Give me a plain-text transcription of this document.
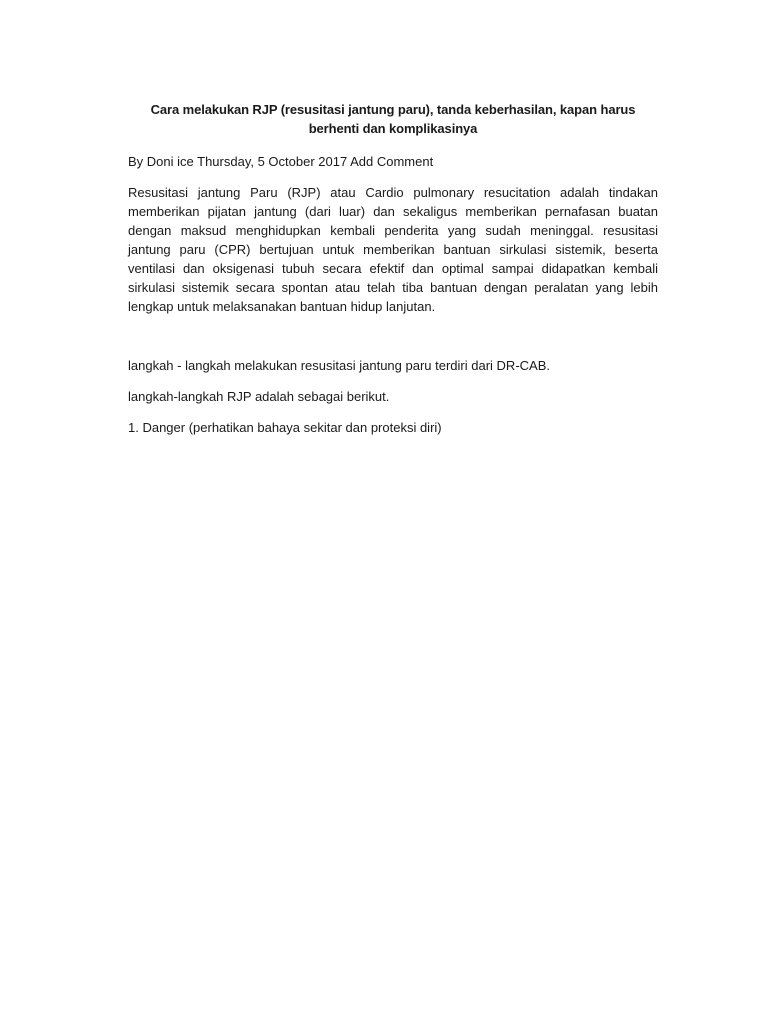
Cara melakukan RJP (resusitasi jantung paru), tanda keberhasilan, kapan harus berhenti dan komplikasinya

By Doni ice Thursday, 5 October 2017 Add Comment

Resusitasi jantung Paru (RJP) atau Cardio pulmonary resucitation adalah tindakan memberikan pijatan jantung (dari luar) dan sekaligus memberikan pernafasan buatan dengan maksud menghidupkan kembali penderita yang sudah meninggal. resusitasi jantung paru (CPR) bertujuan untuk memberikan bantuan sirkulasi sistemik, beserta ventilasi dan oksigenasi tubuh secara efektif dan optimal sampai didapatkan kembali sirkulasi sistemik secara spontan atau telah tiba bantuan dengan peralatan yang lebih lengkap untuk melaksanakan bantuan hidup lanjutan.

langkah - langkah melakukan resusitasi jantung paru terdiri dari DR-CAB.

langkah-langkah RJP adalah sebagai berikut.

1. Danger (perhatikan bahaya sekitar dan proteksi diri)
